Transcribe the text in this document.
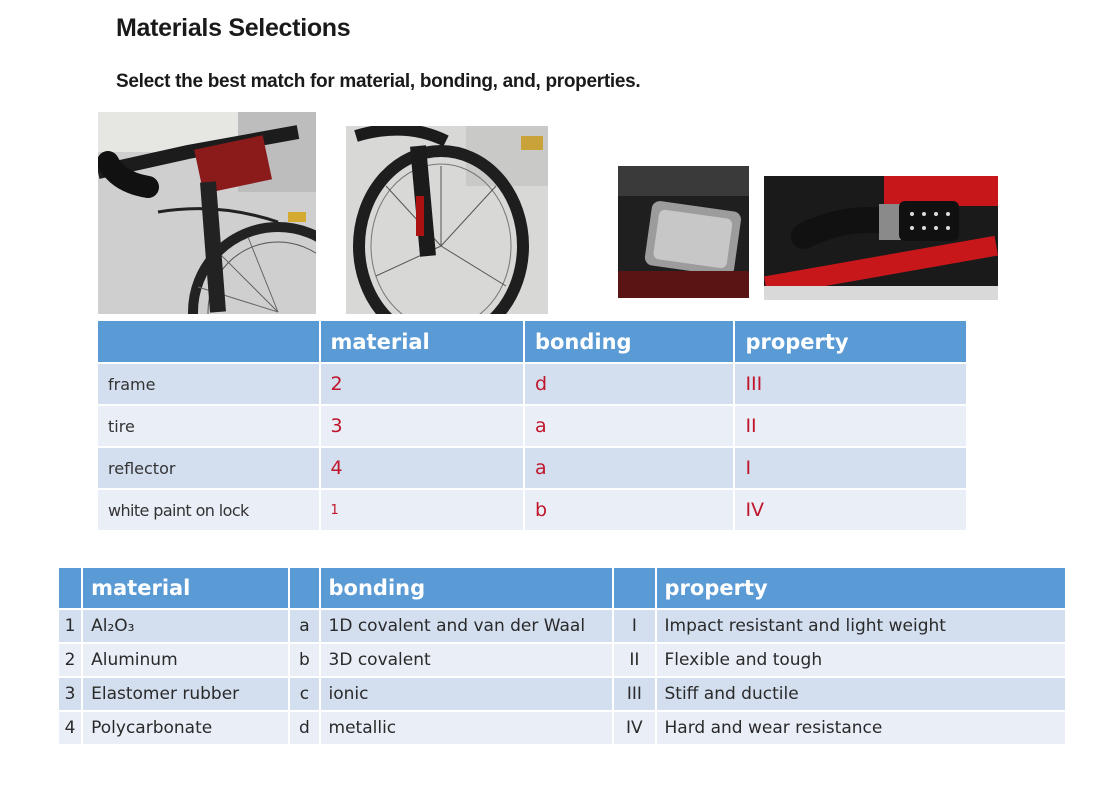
Materials Selections
Select the best match for material, bonding, and, properties.
	material	bonding	property
frame	2	d	III
tire	3	a	II
reflector	4	a	I
white paint on lock	1	b	IV
	material		bonding		property
1	Al₂O₃	a	1D covalent and van der Waal	I	Impact resistant and light weight
2	Aluminum	b	3D covalent	II	Flexible and tough
3	Elastomer rubber	c	ionic	III	Stiff and ductile
4	Polycarbonate	d	metallic	IV	Hard and wear resistance
